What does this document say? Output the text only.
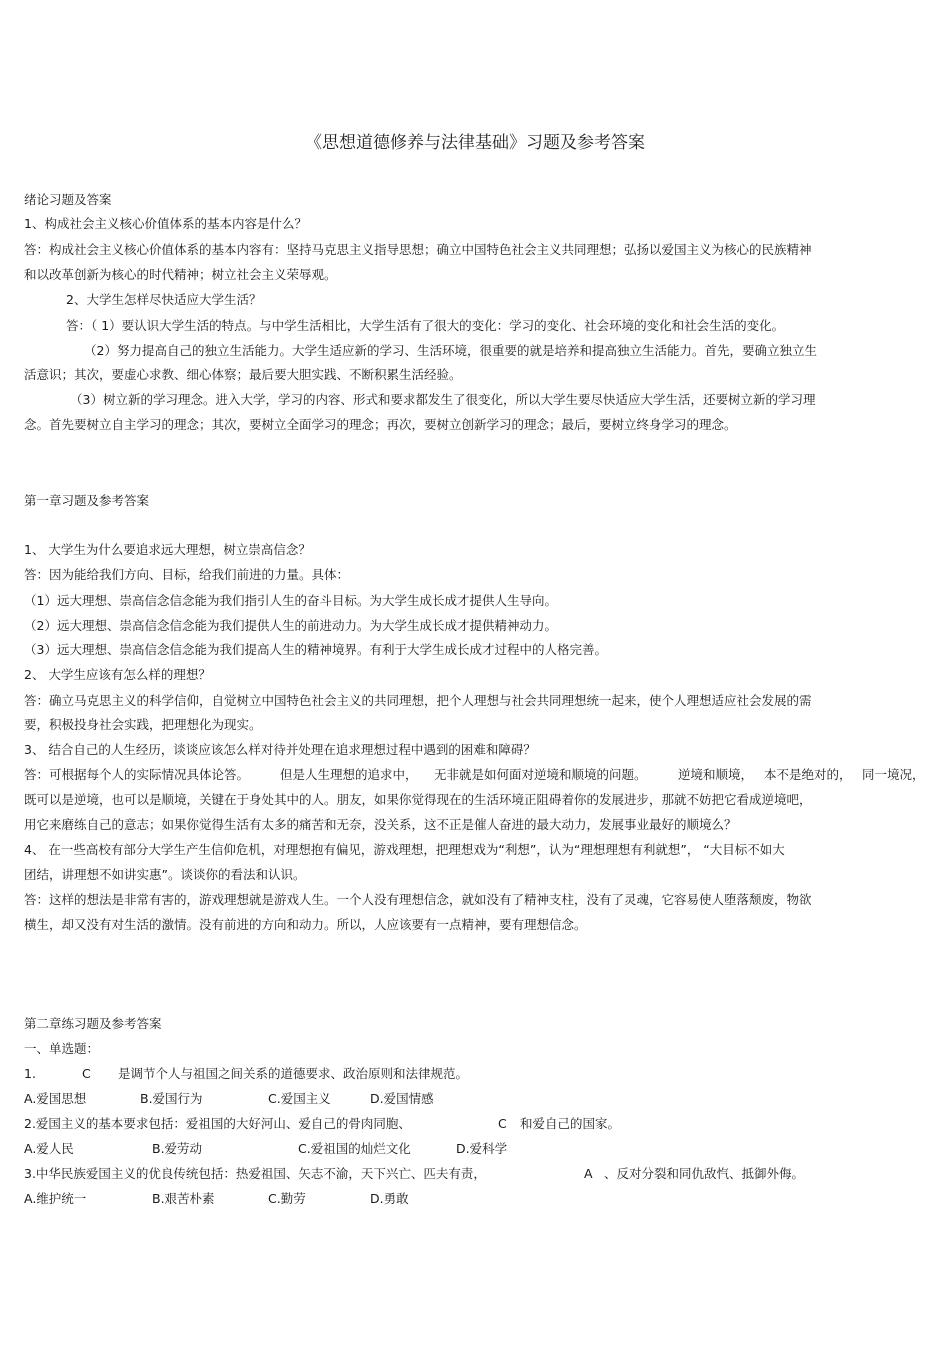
《思想道德修养与法律基础》习题及参考答案
绪论习题及答案
1、构成社会主义核心价值体系的基本内容是什么？
答：构成社会主义核心价值体系的基本内容有：坚持马克思主义指导思想；确立中国特色社会主义共同理想；弘扬以爱国主义为核心的民族精神
和以改革创新为核心的时代精神；树立社会主义荣辱观。
2、大学生怎样尽快适应大学生活？
答：（ 1）要认识大学生活的特点。与中学生活相比，大学生活有了很大的变化：学习的变化、社会环境的变化和社会生活的变化。
（2）努力提高自己的独立生活能力。大学生适应新的学习、生活环境，很重要的就是培养和提高独立生活能力。首先，要确立独立生
活意识；其次，要虚心求教、细心体察；最后要大胆实践、不断积累生活经验。
（3）树立新的学习理念。进入大学，学习的内容、形式和要求都发生了很变化，所以大学生要尽快适应大学生活，还要树立新的学习理
念。首先要树立自主学习的理念；其次，要树立全面学习的理念；再次，要树立创新学习的理念；最后，要树立终身学习的理念。
第一章习题及参考答案
1、 大学生为什么要追求远大理想，树立崇高信念？
答：因为能给我们方向、目标，给我们前进的力量。具体：
（1）远大理想、崇高信念信念能为我们指引人生的奋斗目标。为大学生成长成才提供人生导向。
（2）远大理想、崇高信念信念能为我们提供人生的前进动力。为大学生成长成才提供精神动力。
（3）远大理想、崇高信念信念能为我们提高人生的精神境界。有利于大学生成长成才过程中的人格完善。
2、 大学生应该有怎么样的理想？
答：确立马克思主义的科学信仰，自觉树立中国特色社会主义的共同理想，把个人理想与社会共同理想统一起来，使个人理想适应社会发展的需
要，积极投身社会实践，把理想化为现实。
3、 结合自己的人生经历，谈谈应该怎么样对待并处理在追求理想过程中遇到的困难和障碍？
答：可根据每个人的实际情况具体论答。 但是人生理想的追求中， 无非就是如何面对逆境和顺境的问题。	逆境和顺境， 本不是绝对的， 同一境况，
既可以是逆境，也可以是顺境，关键在于身处其中的人。朋友，如果你觉得现在的生活环境正阻碍着你的发展进步，那就不妨把它看成逆境吧，
用它来磨练自己的意志；如果你觉得生活有太多的痛苦和无奈，没关系，这不正是催人奋进的最大动力，发展事业最好的顺境么？
4、 在一些高校有部分大学生产生信仰危机，对理想抱有偏见，游戏理想，把理想戏为“利想”，认为“理想理想有利就想”， “大目标不如大
团结，讲理想不如讲实惠”。谈谈你的看法和认识。
答：这样的想法是非常有害的，游戏理想就是游戏人生。一个人没有理想信念，就如没有了精神支柱，没有了灵魂，它容易使人堕落颓废，物欲
横生，却又没有对生活的激情。没有前进的方向和动力。所以，人应该要有一点精神，要有理想信念。
第二章练习题及参考答案
一、单选题：
1.	C 是调节个人与祖国之间关系的道德要求、政治原则和法律规范。
A.爱国思想	B.爱国行为	C.爱国主义	D.爱国情感
2.爱国主义的基本要求包括：爱祖国的大好河山、爱自己的骨肉同胞、	C 和爱自己的国家。
A.爱人民	B.爱劳动	C.爱祖国的灿烂文化	D.爱科学
3.中华民族爱国主义的优良传统包括：热爱祖国、矢志不渝，天下兴亡、匹夫有责，	A 、反对分裂和同仇敌忾、抵御外侮。
A.维护统一	B.艰苦朴素	C.勤劳	D.勇敢
